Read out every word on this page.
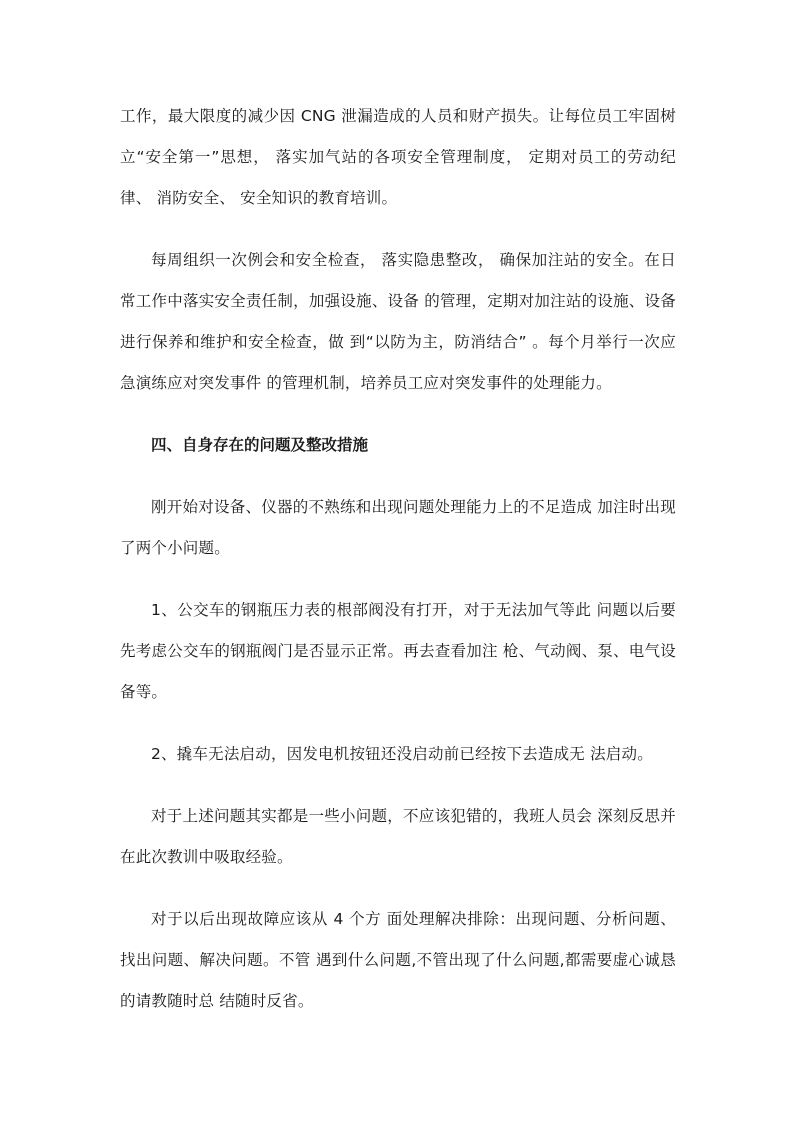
工作，最大限度的减少因 CNG 泄漏造成的人员和财产损失。让每位员工牢固树立“安全第一”思想， 落实加气站的各项安全管理制度， 定期对员工的劳动纪律、 消防安全、 安全知识的教育培训。

每周组织一次例会和安全检查， 落实隐患整改， 确保加注站的安全。在日常工作中落实安全责任制，加强设施、设备 的管理，定期对加注站的设施、设备进行保养和维护和安全检查，做 到“以防为主，防消结合” 。每个月举行一次应急演练应对突发事件 的管理机制，培养员工应对突发事件的处理能力。

四、自身存在的问题及整改措施

刚开始对设备、仪器的不熟练和出现问题处理能力上的不足造成 加注时出现了两个小问题。

1、公交车的钢瓶压力表的根部阀没有打开，对于无法加气等此 问题以后要先考虑公交车的钢瓶阀门是否显示正常。再去查看加注 枪、气动阀、泵、电气设备等。

2、撬车无法启动，因发电机按钮还没启动前已经按下去造成无 法启动。

对于上述问题其实都是一些小问题，不应该犯错的，我班人员会 深刻反思并在此次教训中吸取经验。

对于以后出现故障应该从 4 个方 面处理解决排除：出现问题、分析问题、找出问题、解决问题。不管 遇到什么问题,不管出现了什么问题,都需要虚心诚恳的请教随时总 结随时反省。
